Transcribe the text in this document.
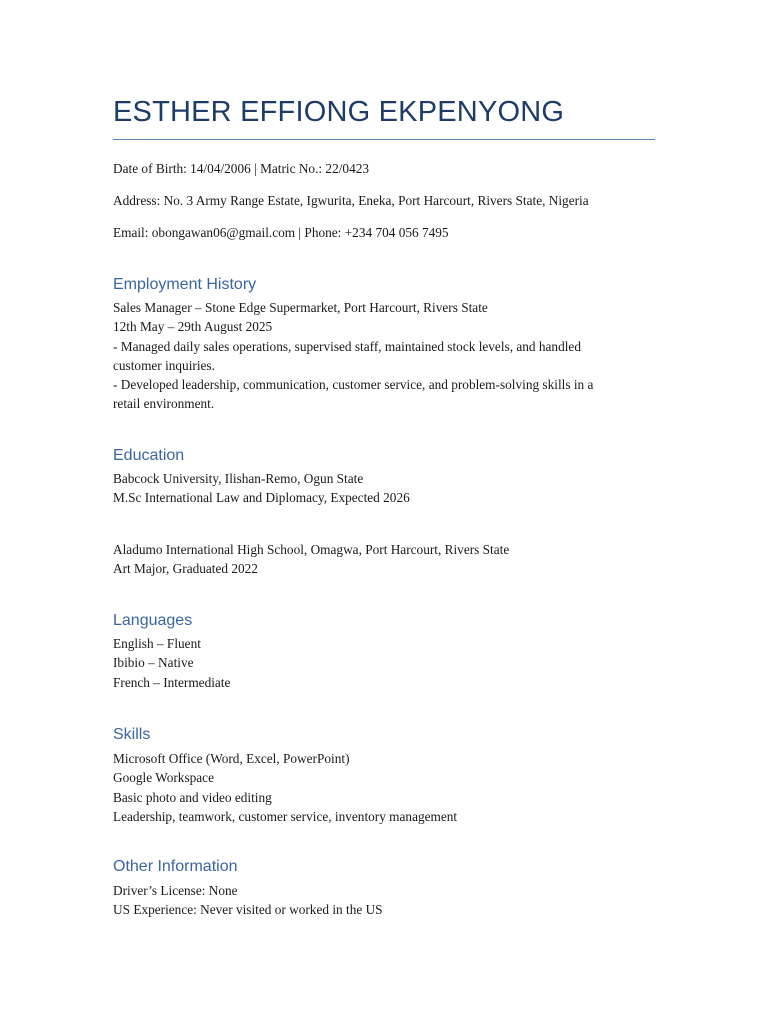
ESTHER EFFIONG EKPENYONG
Date of Birth: 14/04/2006 | Matric No.: 22/0423
Address: No. 3 Army Range Estate, Igwurita, Eneka, Port Harcourt, Rivers State, Nigeria
Email: obongawan06@gmail.com | Phone: +234 704 056 7495
Employment History
Sales Manager – Stone Edge Supermarket, Port Harcourt, Rivers State
12th May – 29th August 2025
- Managed daily sales operations, supervised staff, maintained stock levels, and handled
customer inquiries.
- Developed leadership, communication, customer service, and problem-solving skills in a
retail environment.
Education
Babcock University, Ilishan-Remo, Ogun State
M.Sc International Law and Diplomacy, Expected 2026
Aladumo International High School, Omagwa, Port Harcourt, Rivers State
Art Major, Graduated 2022
Languages
English – Fluent
Ibibio – Native
French – Intermediate
Skills
Microsoft Office (Word, Excel, PowerPoint)
Google Workspace
Basic photo and video editing
Leadership, teamwork, customer service, inventory management
Other Information
Driver’s License: None
US Experience: Never visited or worked in the US
